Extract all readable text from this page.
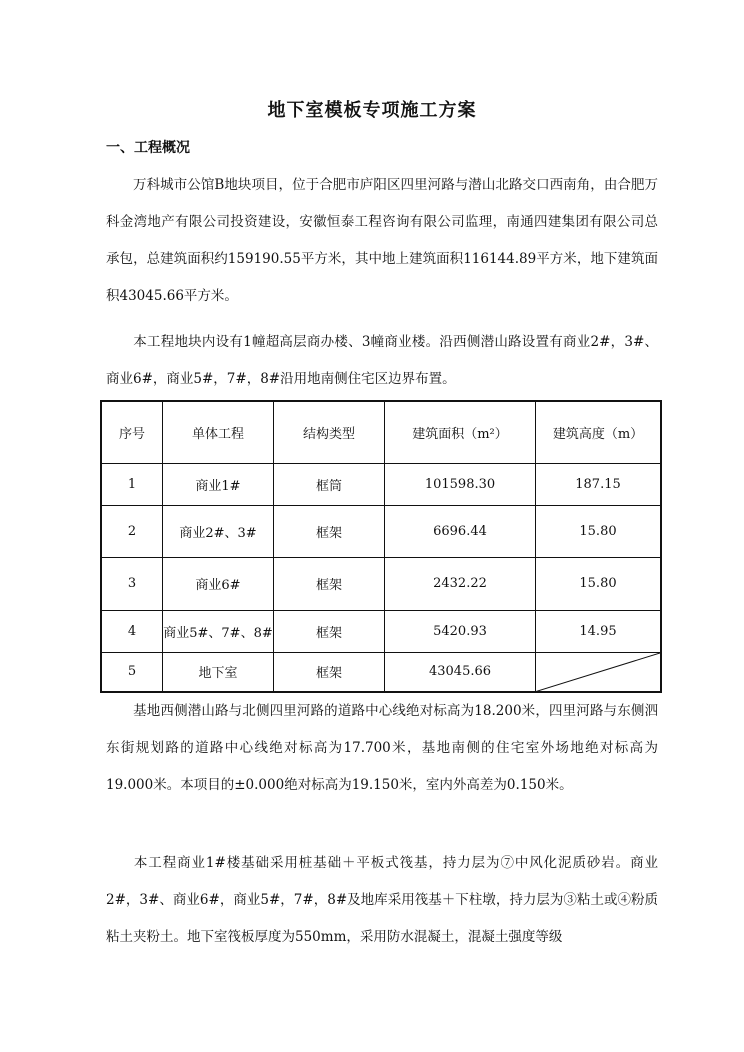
地下室模板专项施工方案
一、工程概况
万科城市公馆B地块项目，位于合肥市庐阳区四里河路与潜山北路交口西南角，由合肥万科金湾地产有限公司投资建设，安徽恒泰工程咨询有限公司监理，南通四建集团有限公司总承包，总建筑面积约159190.55平方米，其中地上建筑面积116144.89平方米，地下建筑面积43045.66平方米。
本工程地块内设有1幢超高层商办楼、3幢商业楼。沿西侧潜山路设置有商业2#，3#、商业6#，商业5#，7#，8#沿用地南侧住宅区边界布置。
序号	单体工程	结构类型	建筑面积（m²）	建筑高度（m）
1	商业1#	框筒	101598.30	187.15
2	商业2#、3#	框架	6696.44	15.80
3	商业6#	框架	2432.22	15.80
4	商业5#、7#、8#	框架	5420.93	14.95
5	地下室	框架	43045.66	
基地西侧潜山路与北侧四里河路的道路中心线绝对标高为18.200米，四里河路与东侧泗东街规划路的道路中心线绝对标高为17.700米，基地南侧的住宅室外场地绝对标高为19.000米。本项目的±0.000绝对标高为19.150米，室内外高差为0.150米。
本工程商业1#楼基础采用桩基础＋平板式筏基，持力层为⑦中风化泥质砂岩。商业2#，3#、商业6#，商业5#，7#，8#及地库采用筏基＋下柱墩，持力层为③粘土或④粉质粘土夹粉土。地下室筏板厚度为550mm，采用防水混凝土，混凝土强度等级
